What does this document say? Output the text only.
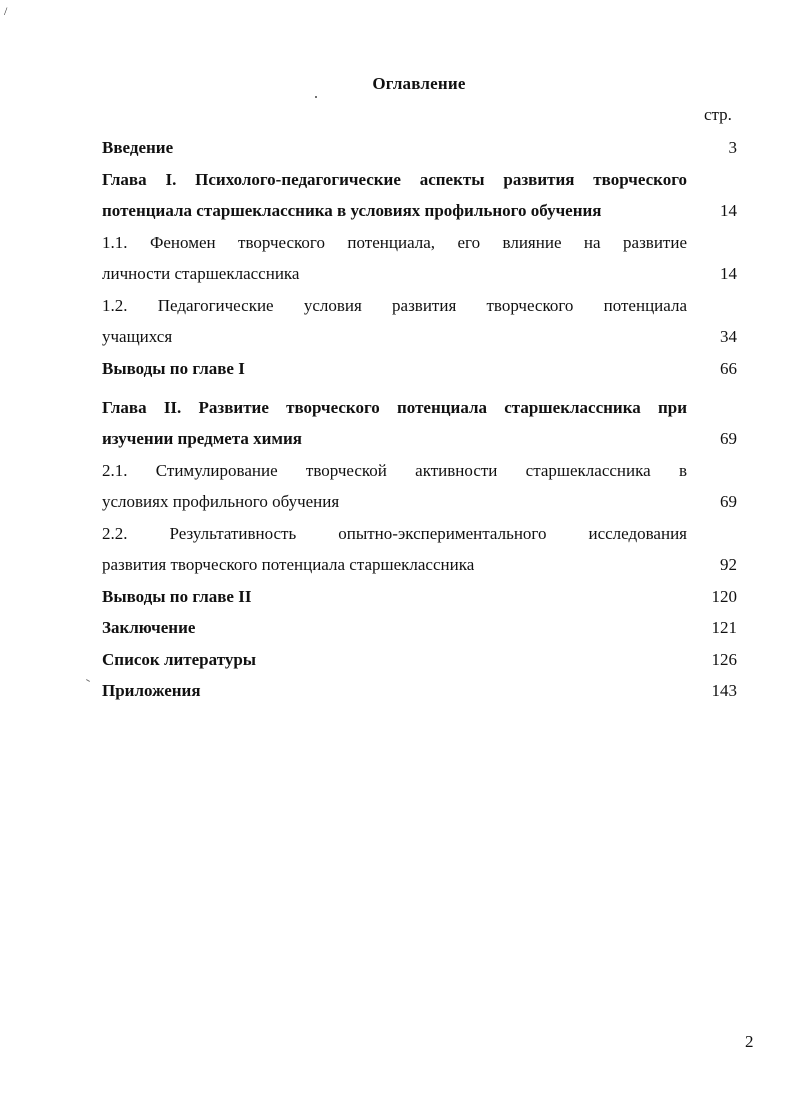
/
Оглавление
стр.
Введение	3
Глава I. Психолого-педагогические аспекты развития творческого
потенциала старшеклассника в условиях профильного обучения	14
1.1. Феномен творческого потенциала, его влияние на развитие
личности старшеклассника	14
1.2. Педагогические условия развития творческого потенциала
учащихся	34
Выводы по главе I	66
Глава II. Развитие творческого потенциала старшеклассника при
изучении предмета химия	69
2.1. Стимулирование творческой активности старшеклассника в
условиях профильного обучения	69
2.2. Результативность опытно-экспериментального исследования
развития творческого потенциала старшеклассника	92
Выводы по главе II	120
Заключение	121
Список литературы	126
Приложения	143
2
